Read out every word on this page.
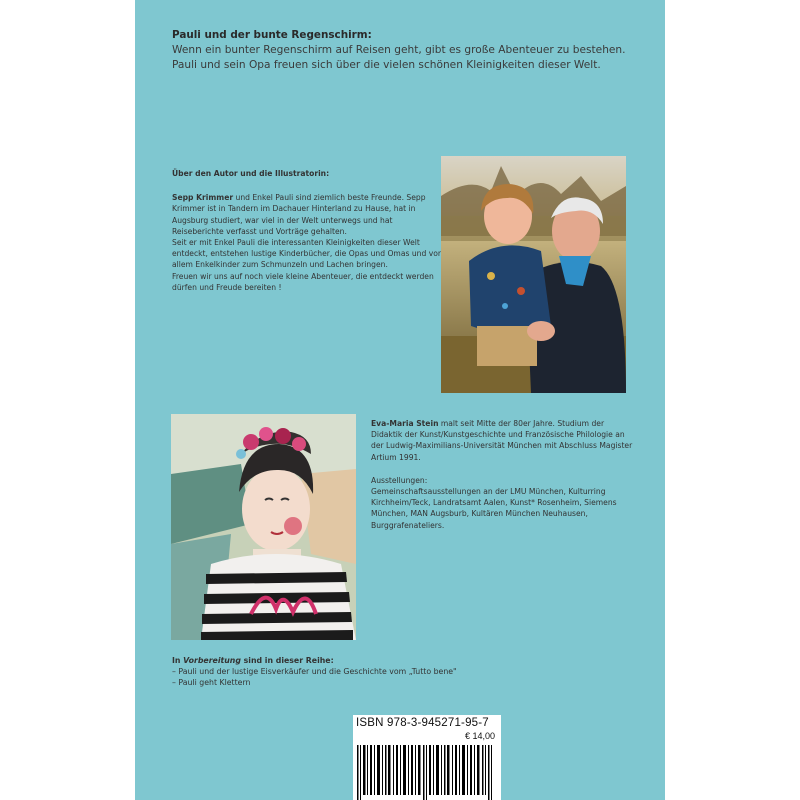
Pauli und der bunte Regenschirm:
Wenn ein bunter Regenschirm auf Reisen geht, gibt es große Abenteuer zu bestehen.
Pauli und sein Opa freuen sich über die vielen schönen Kleinigkeiten dieser Welt.
Über den Autor und die Illustratorin:

Sepp Krimmer und Enkel Pauli sind ziemlich beste Freunde. Sepp Krimmer ist in Tandern im Dachauer Hinterland zu Hause, hat in Augsburg studiert, war viel in der Welt unterwegs und hat Reiseberichte verfasst und Vorträge gehalten.

Seit er mit Enkel Pauli die interessanten Kleinigkeiten dieser Welt entdeckt, entstehen lustige Kinderbücher, die Opas und Omas und vor allem Enkelkinder zum Schmunzeln und Lachen bringen.

Freuen wir uns auf noch viele kleine Abenteuer, die entdeckt werden dürfen und Freude bereiten !

Eva-Maria Stein malt seit Mitte der 80er Jahre. Studium der Didaktik der Kunst/Kunstgeschichte und Französische Philologie an der Ludwig-Maximilians-Universität München mit Abschluss Magister Artium 1991.

Ausstellungen:

Gemeinschaftsausstellungen an der LMU München, Kulturring Kirchheim/Teck, Landratsamt Aalen, Kunst* Rosenheim, Siemens München, MAN Augsburb, Kultären München Neuhausen, Burggrafenateliers.

In Vorbereitung sind in dieser Reihe:
– Pauli und der lustige Eisverkäufer und die Geschichte vom „Tutto bene"
– Pauli geht Klettern
ISBN 978-3-945271-95-7
€ 14,00
